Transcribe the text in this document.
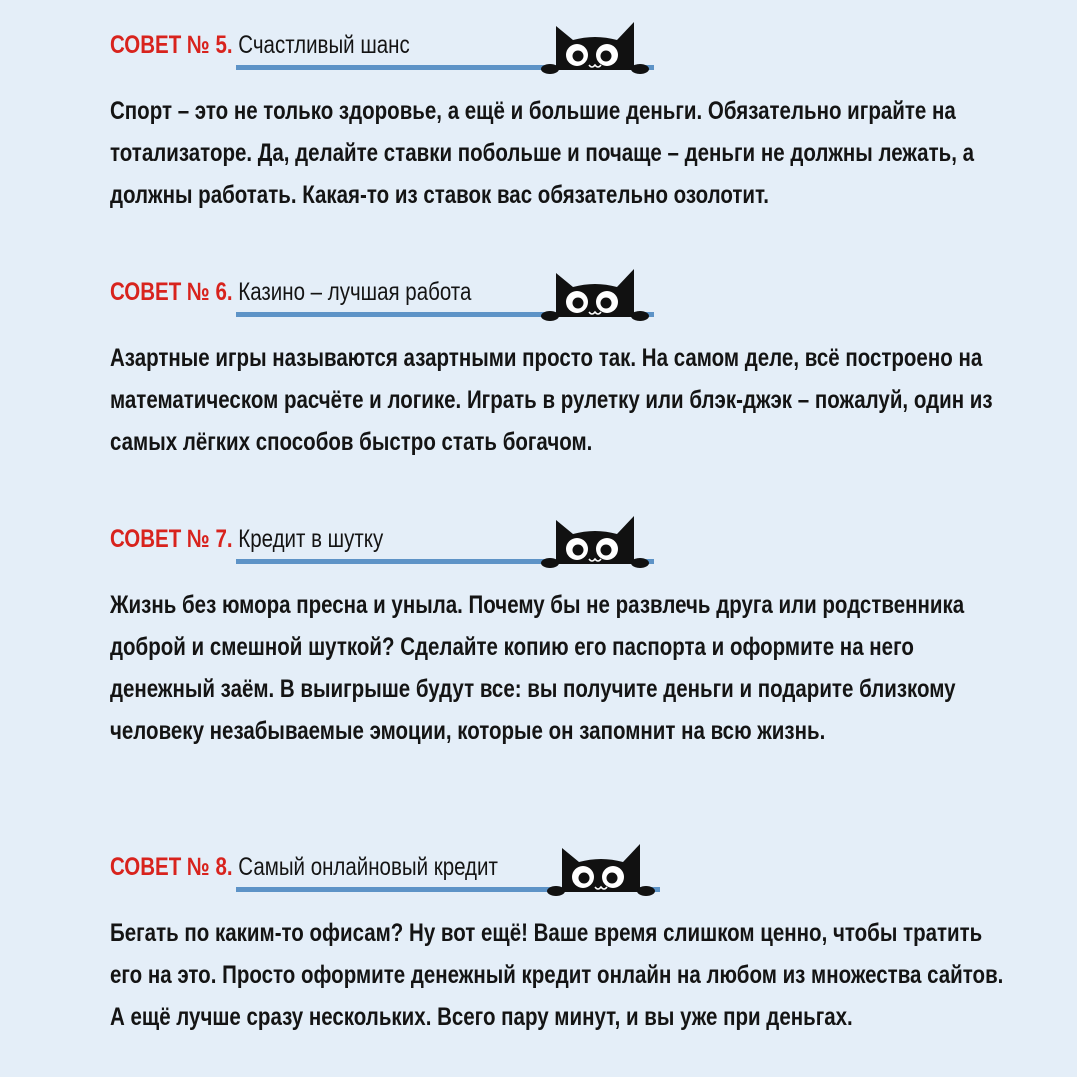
СОВЕТ № 5. Счастливый шанс
Спорт – это не только здоровье, а ещё и большие деньги. Обязательно играйте на тотализаторе. Да, делайте ставки побольше и почаще – деньги не должны лежать, а должны работать. Какая-то из ставок вас обязательно озолотит.
СОВЕТ № 6. Казино – лучшая работа
Азартные игры называются азартными просто так. На самом деле, всё построено на математическом расчёте и логике. Играть в рулетку или блэк-джэк – пожалуй, один из самых лёгких способов быстро стать богачом.
СОВЕТ № 7. Кредит в шутку
Жизнь без юмора пресна и уныла. Почему бы не развлечь друга или родственника доброй и смешной шуткой? Сделайте копию его паспорта и оформите на него денежный заём. В выигрыше будут все: вы получите деньги и подарите близкому человеку незабываемые эмоции, которые он запомнит на всю жизнь.
СОВЕТ № 8. Самый онлайновый кредит
Бегать по каким-то офисам? Ну вот ещё! Ваше время слишком ценно, чтобы тратить его на это. Просто оформите денежный кредит онлайн на любом из множества сайтов. А ещё лучше сразу нескольких. Всего пару минут, и вы уже при деньгах.
